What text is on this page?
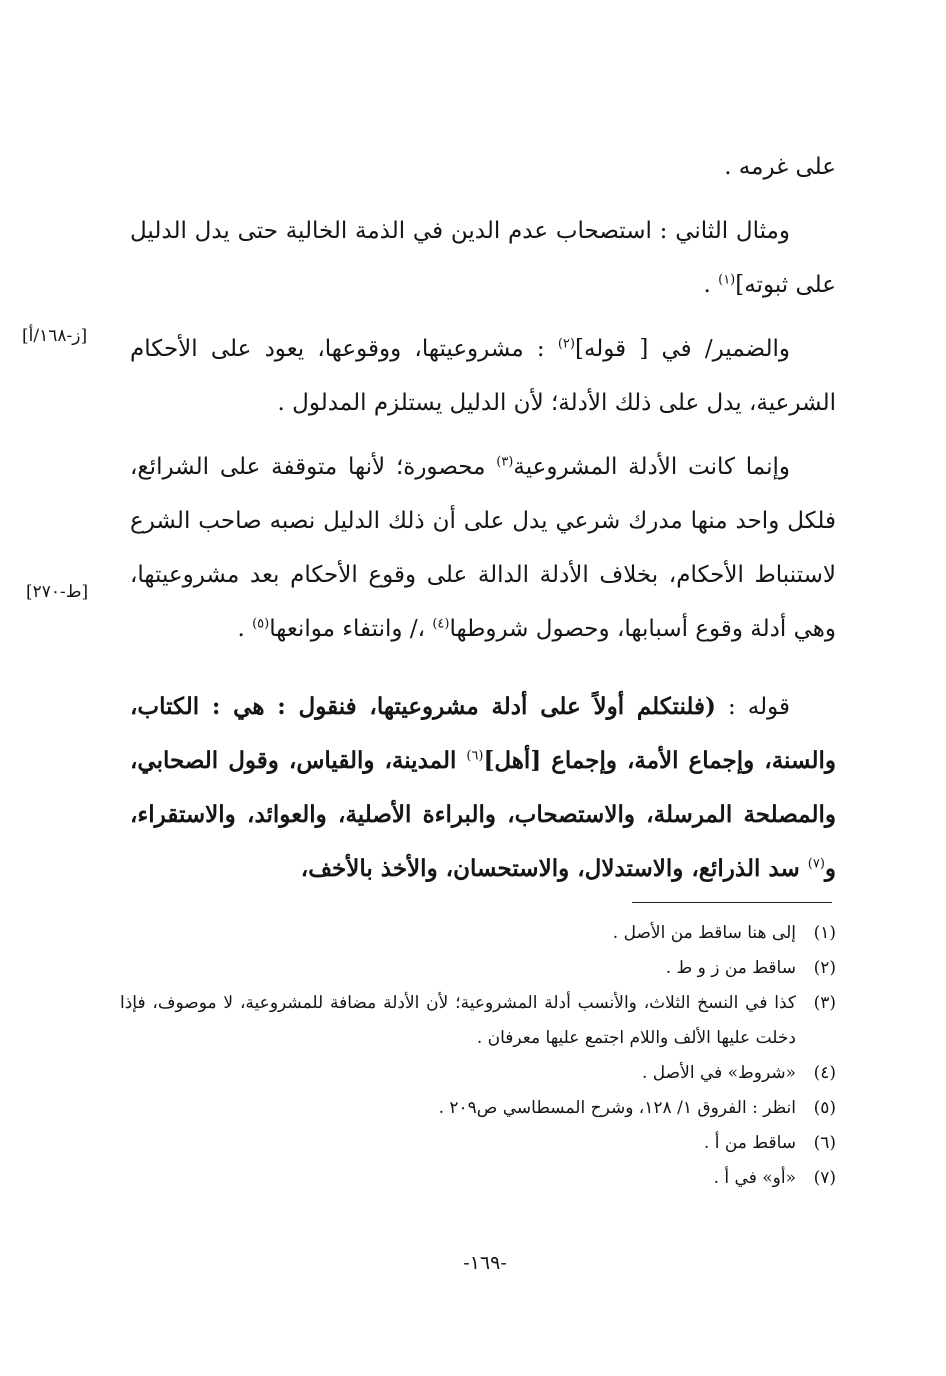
على غرمه .

ومثال الثاني : استصحاب عدم الدين في الذمة الخالية حتى يدل الدليل على ثبوته]$^{(١)}$ .

والضمير/ في [ قوله]$^{(٢)}$ : مشروعيتها، ووقوعها، يعود على الأحكام الشرعية، يدل على ذلك الأدلة؛ لأن الدليل يستلزم المدلول .

وإنما كانت الأدلة المشروعية$^{(٣)}$ محصورة؛ لأنها متوقفة على الشرائع، فلكل واحد منها مدرك شرعي يدل على أن ذلك الدليل نصبه صاحب الشرع لاستنباط الأحكام، بخلاف الأدلة الدالة على وقوع الأحكام بعد مشروعيتها، وهي أدلة وقوع أسبابها، وحصول شروطها$^{(٤)}$ ،/ وانتفاء موانعها$^{(٥)}$ .

قوله : (فلنتكلم أولاً على أدلة مشروعيتها، فنقول : هي : الكتاب، والسنة، وإجماع الأمة، وإجماع [أهل]$^{(٦)}$ المدينة، والقياس، وقول الصحابي، والمصلحة المرسلة، والاستصحاب، والبراءة الأصلية، والعوائد، والاستقراء، و$^{(٧)}$ سد الذرائع، والاستدلال، والاستحسان، والأخذ بالأخف،

[ز-١٦٨/أ]
[ط-٢٧٠]
(١)
إلى هنا ساقط من الأصل .
(٢)
ساقط من ز و ط .
(٣)
كذا في النسخ الثلاث، والأنسب أدلة المشروعية؛ لأن الأدلة مضافة للمشروعية، لا موصوف، فإذا دخلت عليها الألف واللام اجتمع عليها معرفان .
(٤)
«شروط» في الأصل .
(٥)
انظر : الفروق ١/ ١٢٨، وشرح المسطاسي ص٢٠٩ .
(٦)
ساقط من أ .
(٧)
«أو» في أ .
-١٦٩-
